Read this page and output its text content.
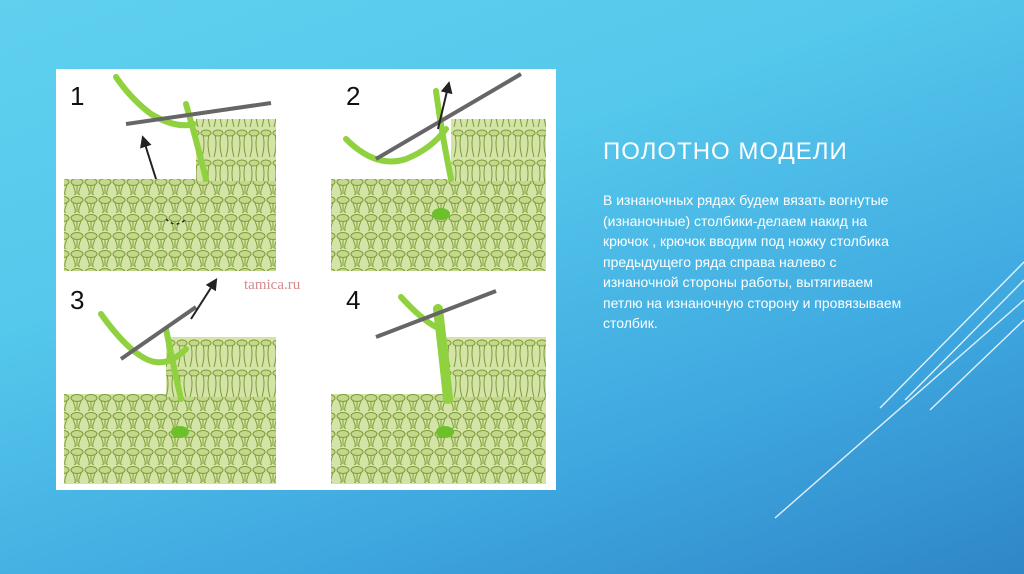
1	2
tamica.ru
3	4
ПОЛОТНО МОДЕЛИ

В изнаночных рядах будем вязать вогнутые (изнаночные) столбики-делаем накид на крючок , крючок вводим под ножку столбика предыдущего ряда справа налево с изнаночной стороны работы, вытягиваем петлю на изнаночную сторону и провязываем столбик.
